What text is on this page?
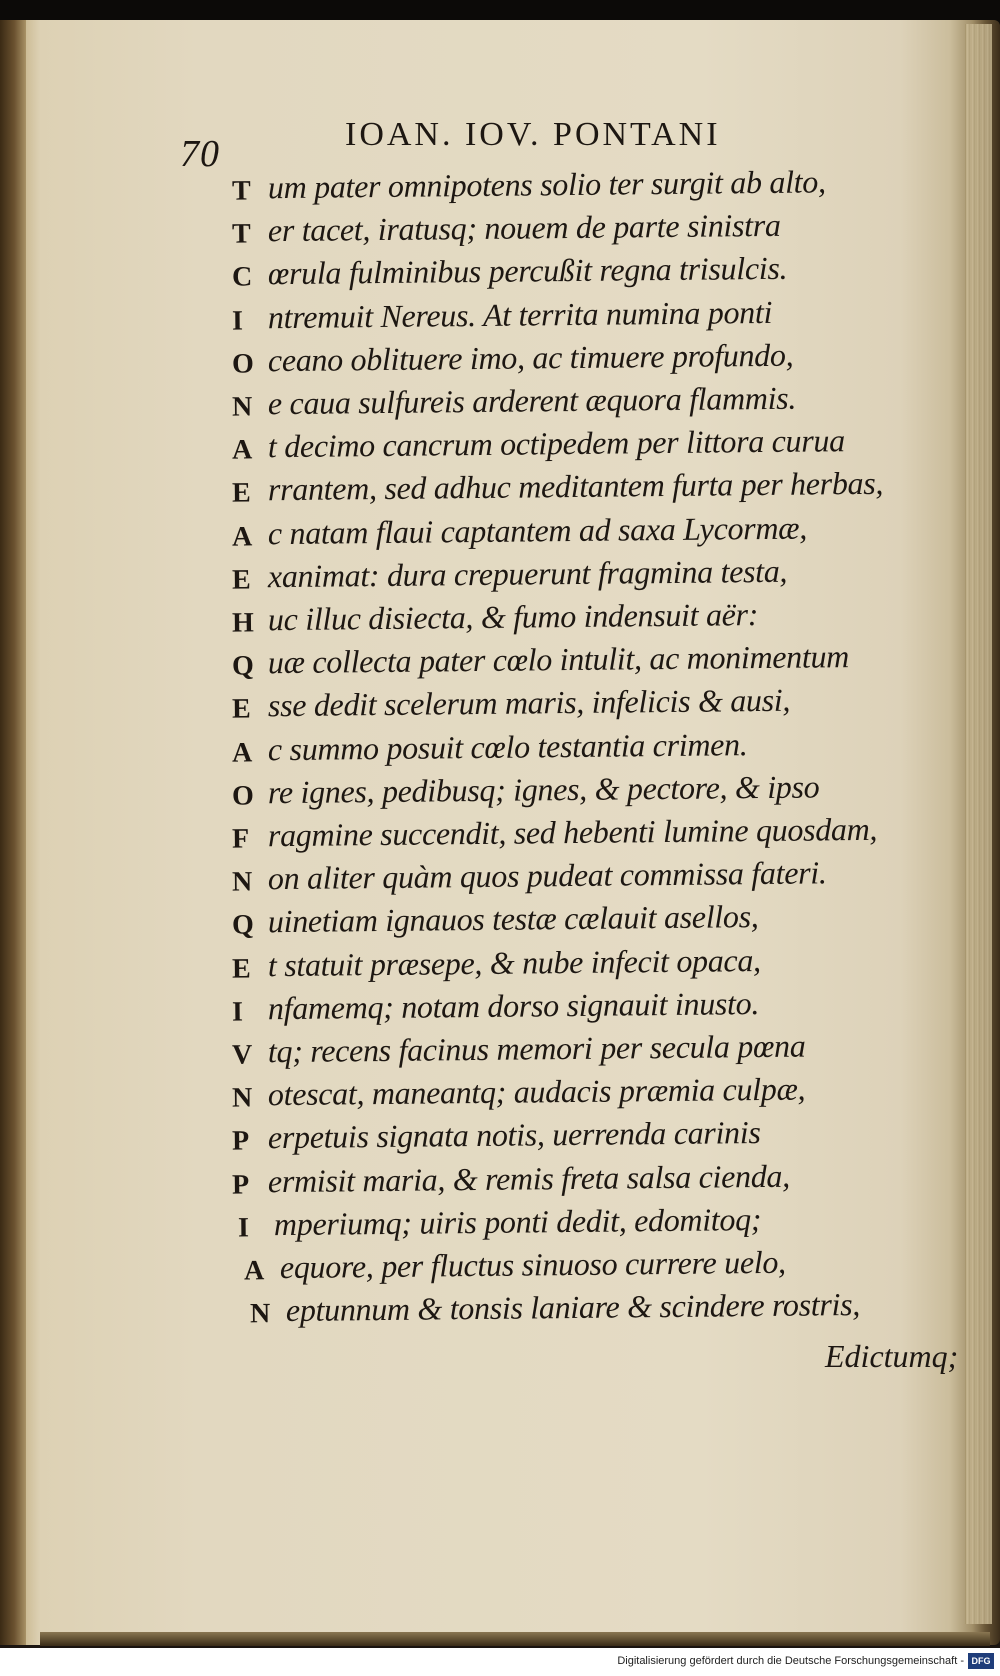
70	IOAN. IOV. PONTANI
T um pater omnipotens solio ter surgit ab alto,
T er tacet, iratusq; nouem de parte sinistra
C œrula fulminibus percußit regna trisulcis.
I ntremuit Nereus. At territa numina ponti
O ceano oblituere imo, ac timuere profundo,
N e caua sulfureis arderent æquora flammis.
A t decimo cancrum octipedem per littora curua
E rrantem, sed adhuc meditantem furta per herbas,
A c natam flaui captantem ad saxa Lycormæ,
E xanimat: dura crepuerunt fragmina testa,
H uc illuc disiecta, & fumo indensuit aër:
Q uæ collecta pater cœlo intulit, ac monimentum
E sse dedit scelerum maris, infelicis & ausi,
A c summo posuit cœlo testantia crimen.
O re ignes, pedibusq; ignes, & pectore, & ipso
F ragmine succendit, sed hebenti lumine quosdam,
N on aliter quàm quos pudeat commissa fateri.
Q uinetiam ignauos testæ cælauit asellos,
E t statuit præsepe, & nube infecit opaca,
I nfamemq; notam dorso signauit inusto.
V tq; recens facinus memori per secula pœna
N otescat, maneantq; audacis præmia culpæ,
P erpetuis signata notis, uerrenda carinis
P ermisit maria, & remis freta salsa cienda,
I mperiumq; uiris ponti dedit, edomitoq;
A equore, per fluctus sinuoso currere uelo,
N eptunnum & tonsis laniare & scindere rostris,
Edictumq;
Digitalisierung gefördert durch die Deutsche Forschungsgemeinschaft - DFG
